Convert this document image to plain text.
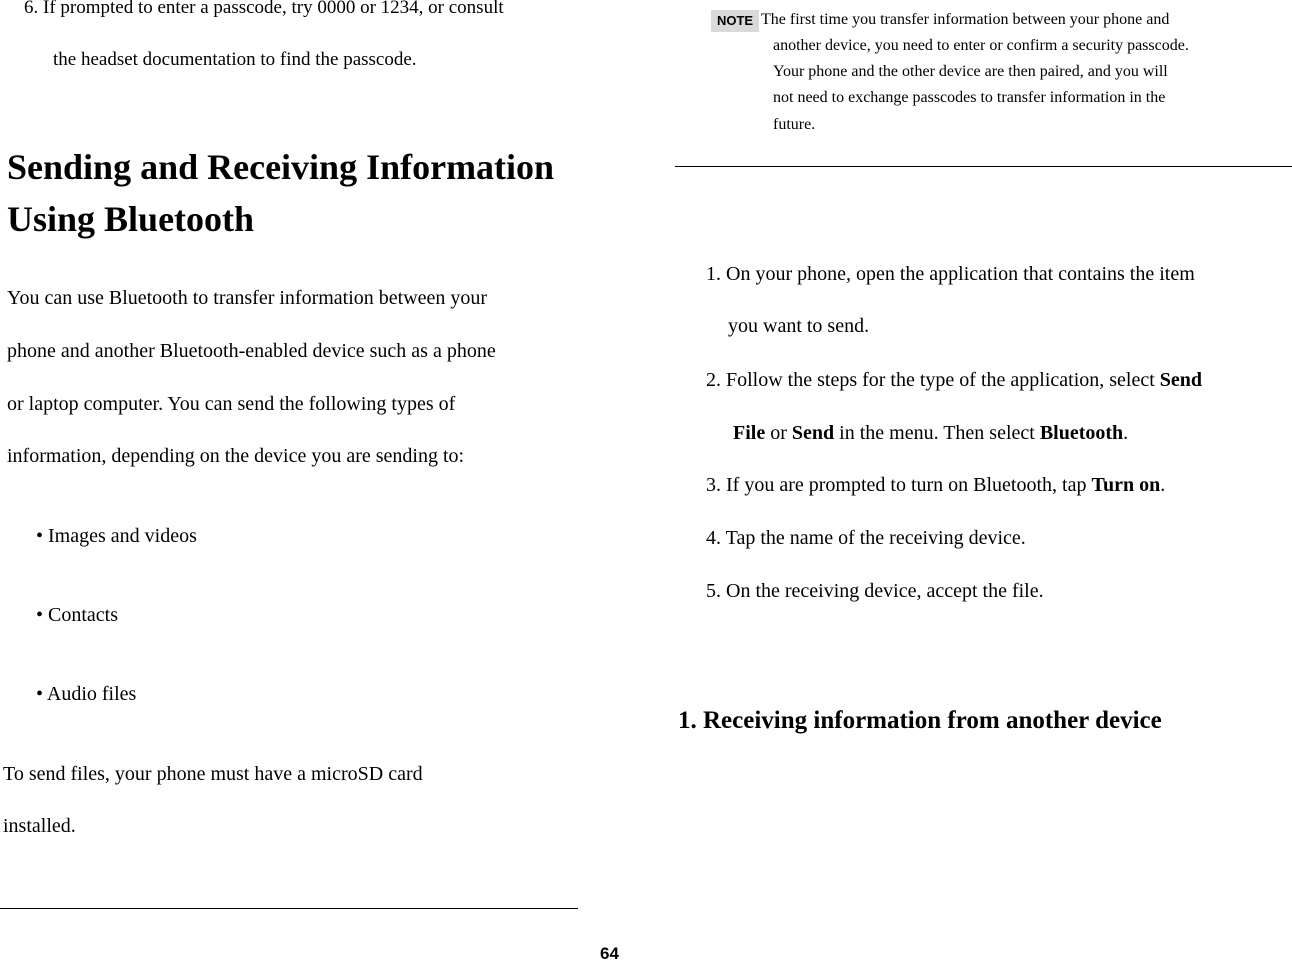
6. If prompted to enter a passcode, try 0000 or 1234, or consult
the headset documentation to find the passcode.
Sending and Receiving Information Using Bluetooth
You can use Bluetooth to transfer information between your
phone and another Bluetooth-enabled device such as a phone
or laptop computer. You can send the following types of
information, depending on the device you are sending to:
• Images and videos
• Contacts
• Audio files
To send files, your phone must have a microSD card
installed.
64
NOTE The first time you transfer information between your phone and
another device, you need to enter or confirm a security passcode.
Your phone and the other device are then paired, and you will
not need to exchange passcodes to transfer information in the
future.
1. On your phone, open the application that contains the item
you want to send.
2. Follow the steps for the type of the application, select Send
File or Send in the menu. Then select Bluetooth.
3. If you are prompted to turn on Bluetooth, tap Turn on.
4. Tap the name of the receiving device.
5. On the receiving device, accept the file.
1. Receiving information from another device
